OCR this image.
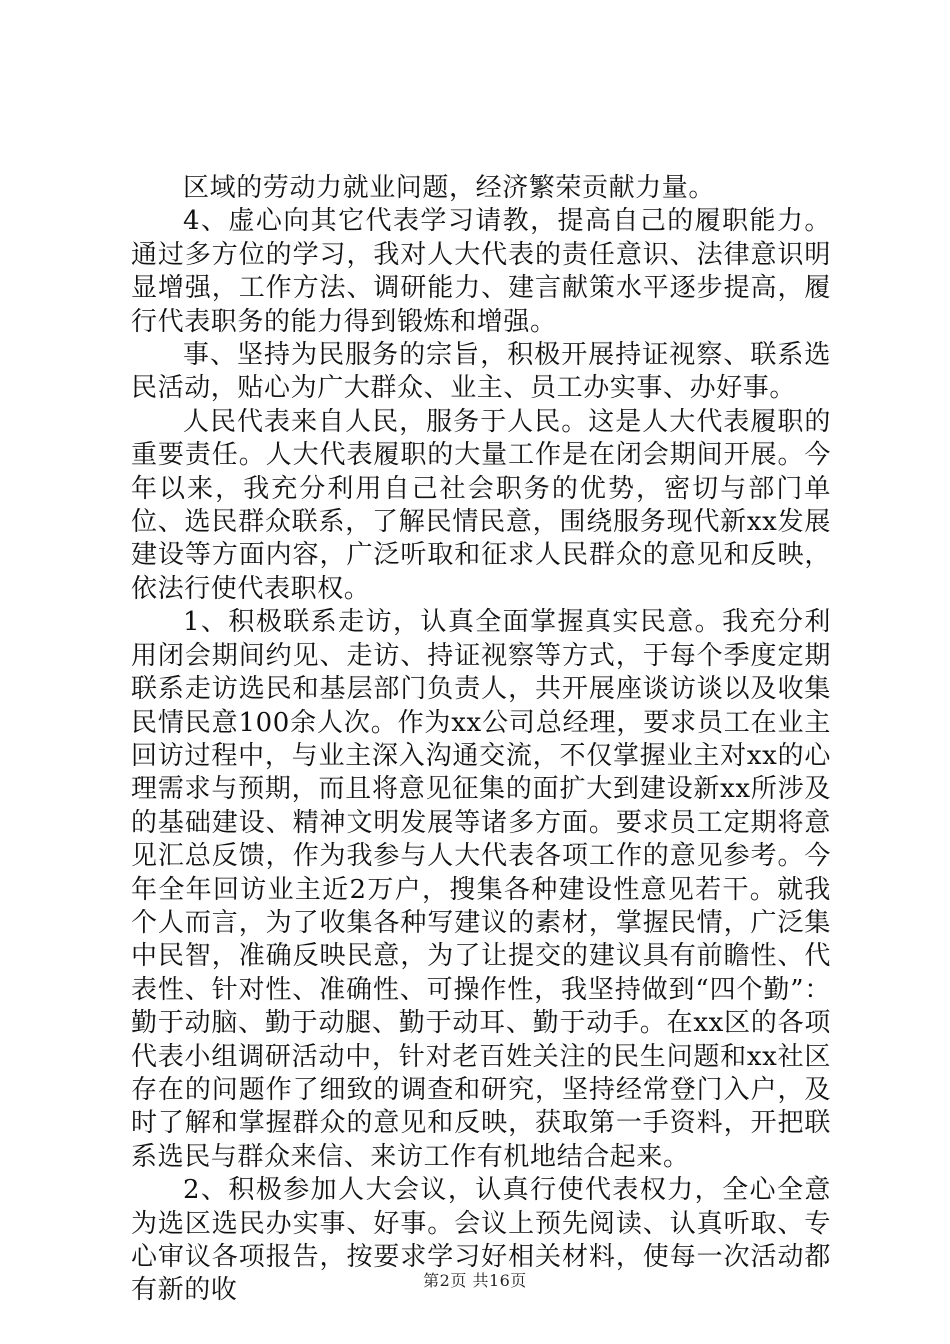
区域的劳动力就业问题，经济繁荣贡献力量。

4、虚心向其它代表学习请教，提高自己的履职能力。通过多方位的学习，我对人大代表的责任意识、法律意识明显增强，工作方法、调研能力、建言献策水平逐步提高，履行代表职务的能力得到锻炼和增强。

事、坚持为民服务的宗旨，积极开展持证视察、联系选民活动，贴心为广大群众、业主、员工办实事、办好事。

人民代表来自人民，服务于人民。这是人大代表履职的重要责任。人大代表履职的大量工作是在闭会期间开展。今年以来，我充分利用自己社会职务的优势，密切与部门单位、选民群众联系，了解民情民意，围绕服务现代新xx发展建设等方面内容，广泛听取和征求人民群众的意见和反映，依法行使代表职权。

1、积极联系走访，认真全面掌握真实民意。我充分利用闭会期间约见、走访、持证视察等方式，于每个季度定期联系走访选民和基层部门负责人，共开展座谈访谈以及收集民情民意100余人次。作为xx公司总经理，要求员工在业主回访过程中，与业主深入沟通交流，不仅掌握业主对xx的心理需求与预期，而且将意见征集的面扩大到建设新xx所涉及的基础建设、精神文明发展等诸多方面。要求员工定期将意见汇总反馈，作为我参与人大代表各项工作的意见参考。今年全年回访业主近2万户，搜集各种建设性意见若干。就我个人而言，为了收集各种写建议的素材，掌握民情，广泛集中民智，准确反映民意，为了让提交的建议具有前瞻性、代表性、针对性、准确性、可操作性，我坚持做到“四个勤”：勤于动脑、勤于动腿、勤于动耳、勤于动手。在xx区的各项代表小组调研活动中，针对老百姓关注的民生问题和xx社区存在的问题作了细致的调查和研究，坚持经常登门入户，及时了解和掌握群众的意见和反映，获取第一手资料，开把联系选民与群众来信、来访工作有机地结合起来。

2、积极参加人大会议，认真行使代表权力，全心全意为选区选民办实事、好事。会议上预先阅读、认真听取、专心审议各项报告，按要求学习好相关材料，使每一次活动都有新的收	第2页 共16页
